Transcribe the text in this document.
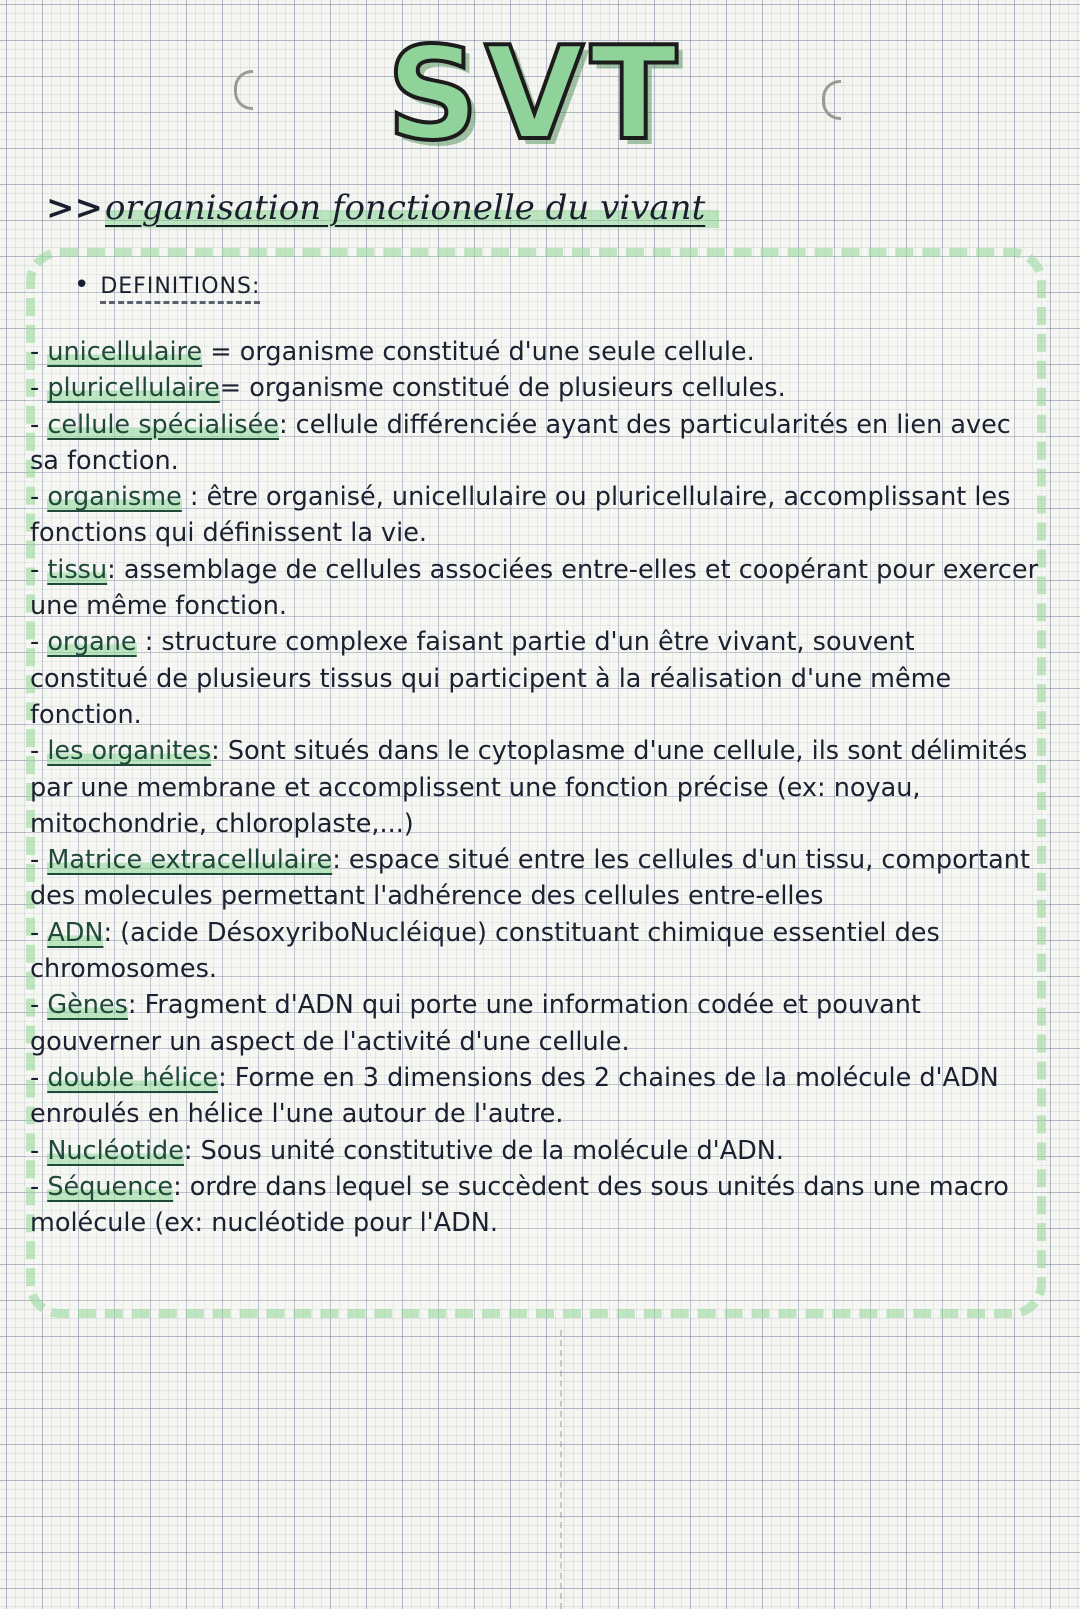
SVT
>>organisation fonctionelle du vivant
• DEFINITIONS:

- unicellulaire = organisme constitué d'une seule cellule.

- pluricellulaire= organisme constitué de plusieurs cellules.

- cellule spécialisée: cellule différenciée ayant des particularités en lien avec sa fonction.

- organisme : être organisé, unicellulaire ou pluricellulaire, accomplissant les fonctions qui définissent la vie.

- tissu: assemblage de cellules associées entre-elles et coopérant pour exercer une même fonction.

- organe : structure complexe faisant partie d'un être vivant, souvent constitué de plusieurs tissus qui participent à la réalisation d'une même fonction.

- les organites: Sont situés dans le cytoplasme d'une cellule, ils sont délimités par une membrane et accomplissent une fonction précise (ex: noyau, mitochondrie, chloroplaste,...)

- Matrice extracellulaire: espace situé entre les cellules d'un tissu, comportant des molecules permettant l'adhérence des cellules entre-elles

- ADN: (acide DésoxyriboNucléique) constituant chimique essentiel des chromosomes.

- Gènes: Fragment d'ADN qui porte une information codée et pouvant gouverner un aspect de l'activité d'une cellule.

- double hélice: Forme en 3 dimensions des 2 chaines de la molécule d'ADN enroulés en hélice l'une autour de l'autre.

- Nucléotide: Sous unité constitutive de la molécule d'ADN.

- Séquence: ordre dans lequel se succèdent des sous unités dans une macro molécule (ex: nucléotide pour l'ADN.
